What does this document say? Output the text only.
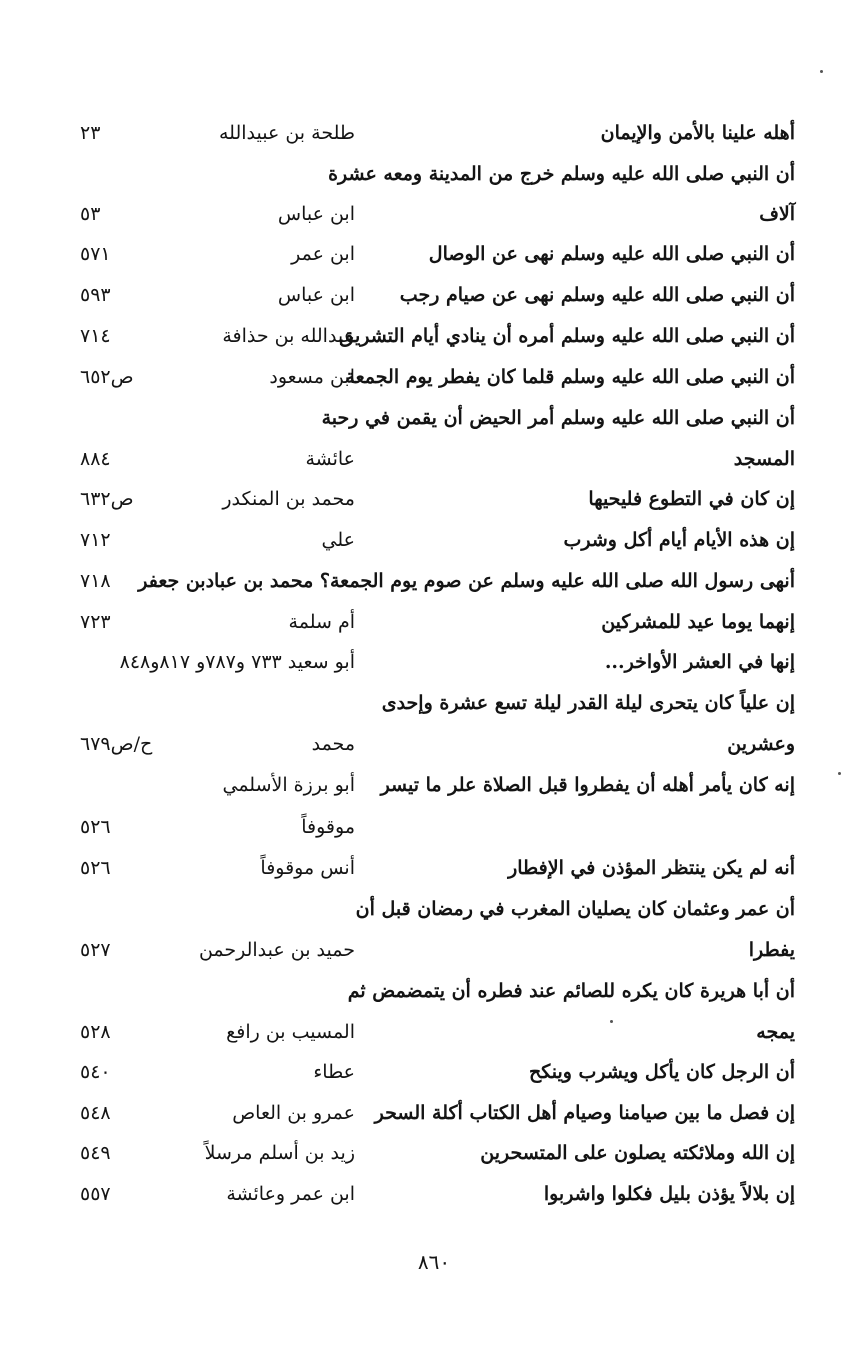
أهله علينا بالأمن والإيمان
طلحة بن عبيدالله
٢٣
أن النبي صلى الله عليه وسلم خرج من المدينة ومعه عشرة
آلاف
ابن عباس
٥٣
أن النبي صلى الله عليه وسلم نهى عن الوصال
ابن عمر
٥٧١
أن النبي صلى الله عليه وسلم نهى عن صيام رجب
ابن عباس
٥٩٣
أن النبي صلى الله عليه وسلم أمره أن ينادي أيام التشريق
عبدالله بن حذافة
٧١٤
أن النبي صلى الله عليه وسلم قلما كان يفطر يوم الجمعة
ابن مسعود
ص٦٥٢
أن النبي صلى الله عليه وسلم أمر الحيض أن يقمن في رحبة
المسجد
عائشة
٨٨٤
إن كان في التطوع فليحيها
محمد بن المنكدر
ص٦٣٢
إن هذه الأيام أيام أكل وشرب
علي
٧١٢
أنهى رسول الله صلى الله عليه وسلم عن صوم يوم الجمعة؟ محمد بن عبادبن جعفر
٧١٨
إنهما يوما عيد للمشركين
أم سلمة
٧٢٣
إنها في العشر الأواخر...
أبو سعيد ٧٣٣ و٧٨٧و ٨١٧و٨٤٨
إن علياً كان يتحرى ليلة القدر ليلة تسع عشرة وإحدى
وعشرين
محمد
ح/ص٦٧٩
إنه كان يأمر أهله أن يفطروا قبل الصلاة علر ما تيسر
أبو برزة الأسلمي
موقوفاً
٥٢٦
أنه لم يكن ينتظر المؤذن في الإفطار
أنس موقوفاً
٥٢٦
أن عمر وعثمان كان يصليان المغرب في رمضان قبل أن
يفطرا
حميد بن عبدالرحمن
٥٢٧
أن أبا هريرة كان يكره للصائم عند فطره أن يتمضمض ثم
يمجه
المسيب بن رافع
٥٢٨
أن الرجل كان يأكل ويشرب وينكح
عطاء
٥٤٠
إن فصل ما بين صيامنا وصيام أهل الكتاب أكلة السحر
عمرو بن العاص
٥٤٨
إن الله وملائكته يصلون على المتسحرين
زيد بن أسلم مرسلاً
٥٤٩
إن بلالاً يؤذن بليل فكلوا واشربوا
ابن عمر وعائشة
٥٥٧
٨٦٠
